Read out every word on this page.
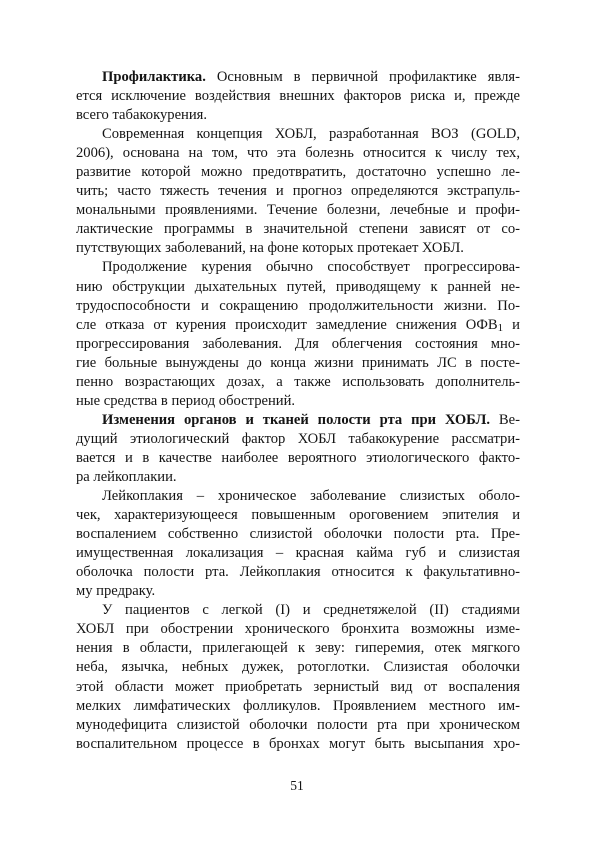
Профилактика. Основным в первичной профилактике явля-
ется исключение воздействия внешних факторов риска и, прежде
всего табакокурения.
Современная концепция ХОБЛ, разработанная ВОЗ (GOLD,
2006), основана на том, что эта болезнь относится к числу тех,
развитие которой можно предотвратить, достаточно успешно ле-
чить; часто тяжесть течения и прогноз определяются экстрапуль-
мональными проявлениями. Течение болезни, лечебные и профи-
лактические программы в значительной степени зависят от со-
путствующих заболеваний, на фоне которых протекает ХОБЛ.
Продолжение курения обычно способствует прогрессирова-
нию обструкции дыхательных путей, приводящему к ранней не-
трудоспособности и сокращению продолжительности жизни. По-
сле отказа от курения происходит замедление снижения ОФВ1 и
прогрессирования заболевания. Для облегчения состояния мно-
гие больные вынуждены до конца жизни принимать ЛС в посте-
пенно возрастающих дозах, а также использовать дополнитель-
ные средства в период обострений.
Изменения органов и тканей полости рта при ХОБЛ. Ве-
дущий этиологический фактор ХОБЛ табакокурение рассматри-
вается и в качестве наиболее вероятного этиологического факто-
ра лейкоплакии.
Лейкоплакия – хроническое заболевание слизистых оболо-
чек, характеризующееся повышенным ороговением эпителия и
воспалением собственно слизистой оболочки полости рта. Пре-
имущественная локализация – красная кайма губ и слизистая
оболочка полости рта. Лейкоплакия относится к факультативно-
му предраку.
У пациентов с легкой (I) и среднетяжелой (II) стадиями
ХОБЛ при обострении хронического бронхита возможны изме-
нения в области, прилегающей к зеву: гиперемия, отек мягкого
неба, язычка, небных дужек, ротоглотки. Слизистая оболочки
этой области может приобретать зернистый вид от воспаления
мелких лимфатических фолликулов. Проявлением местного им-
мунодефицита слизистой оболочки полости рта при хроническом
воспалительном процессе в бронхах могут быть высыпания хро-
51
